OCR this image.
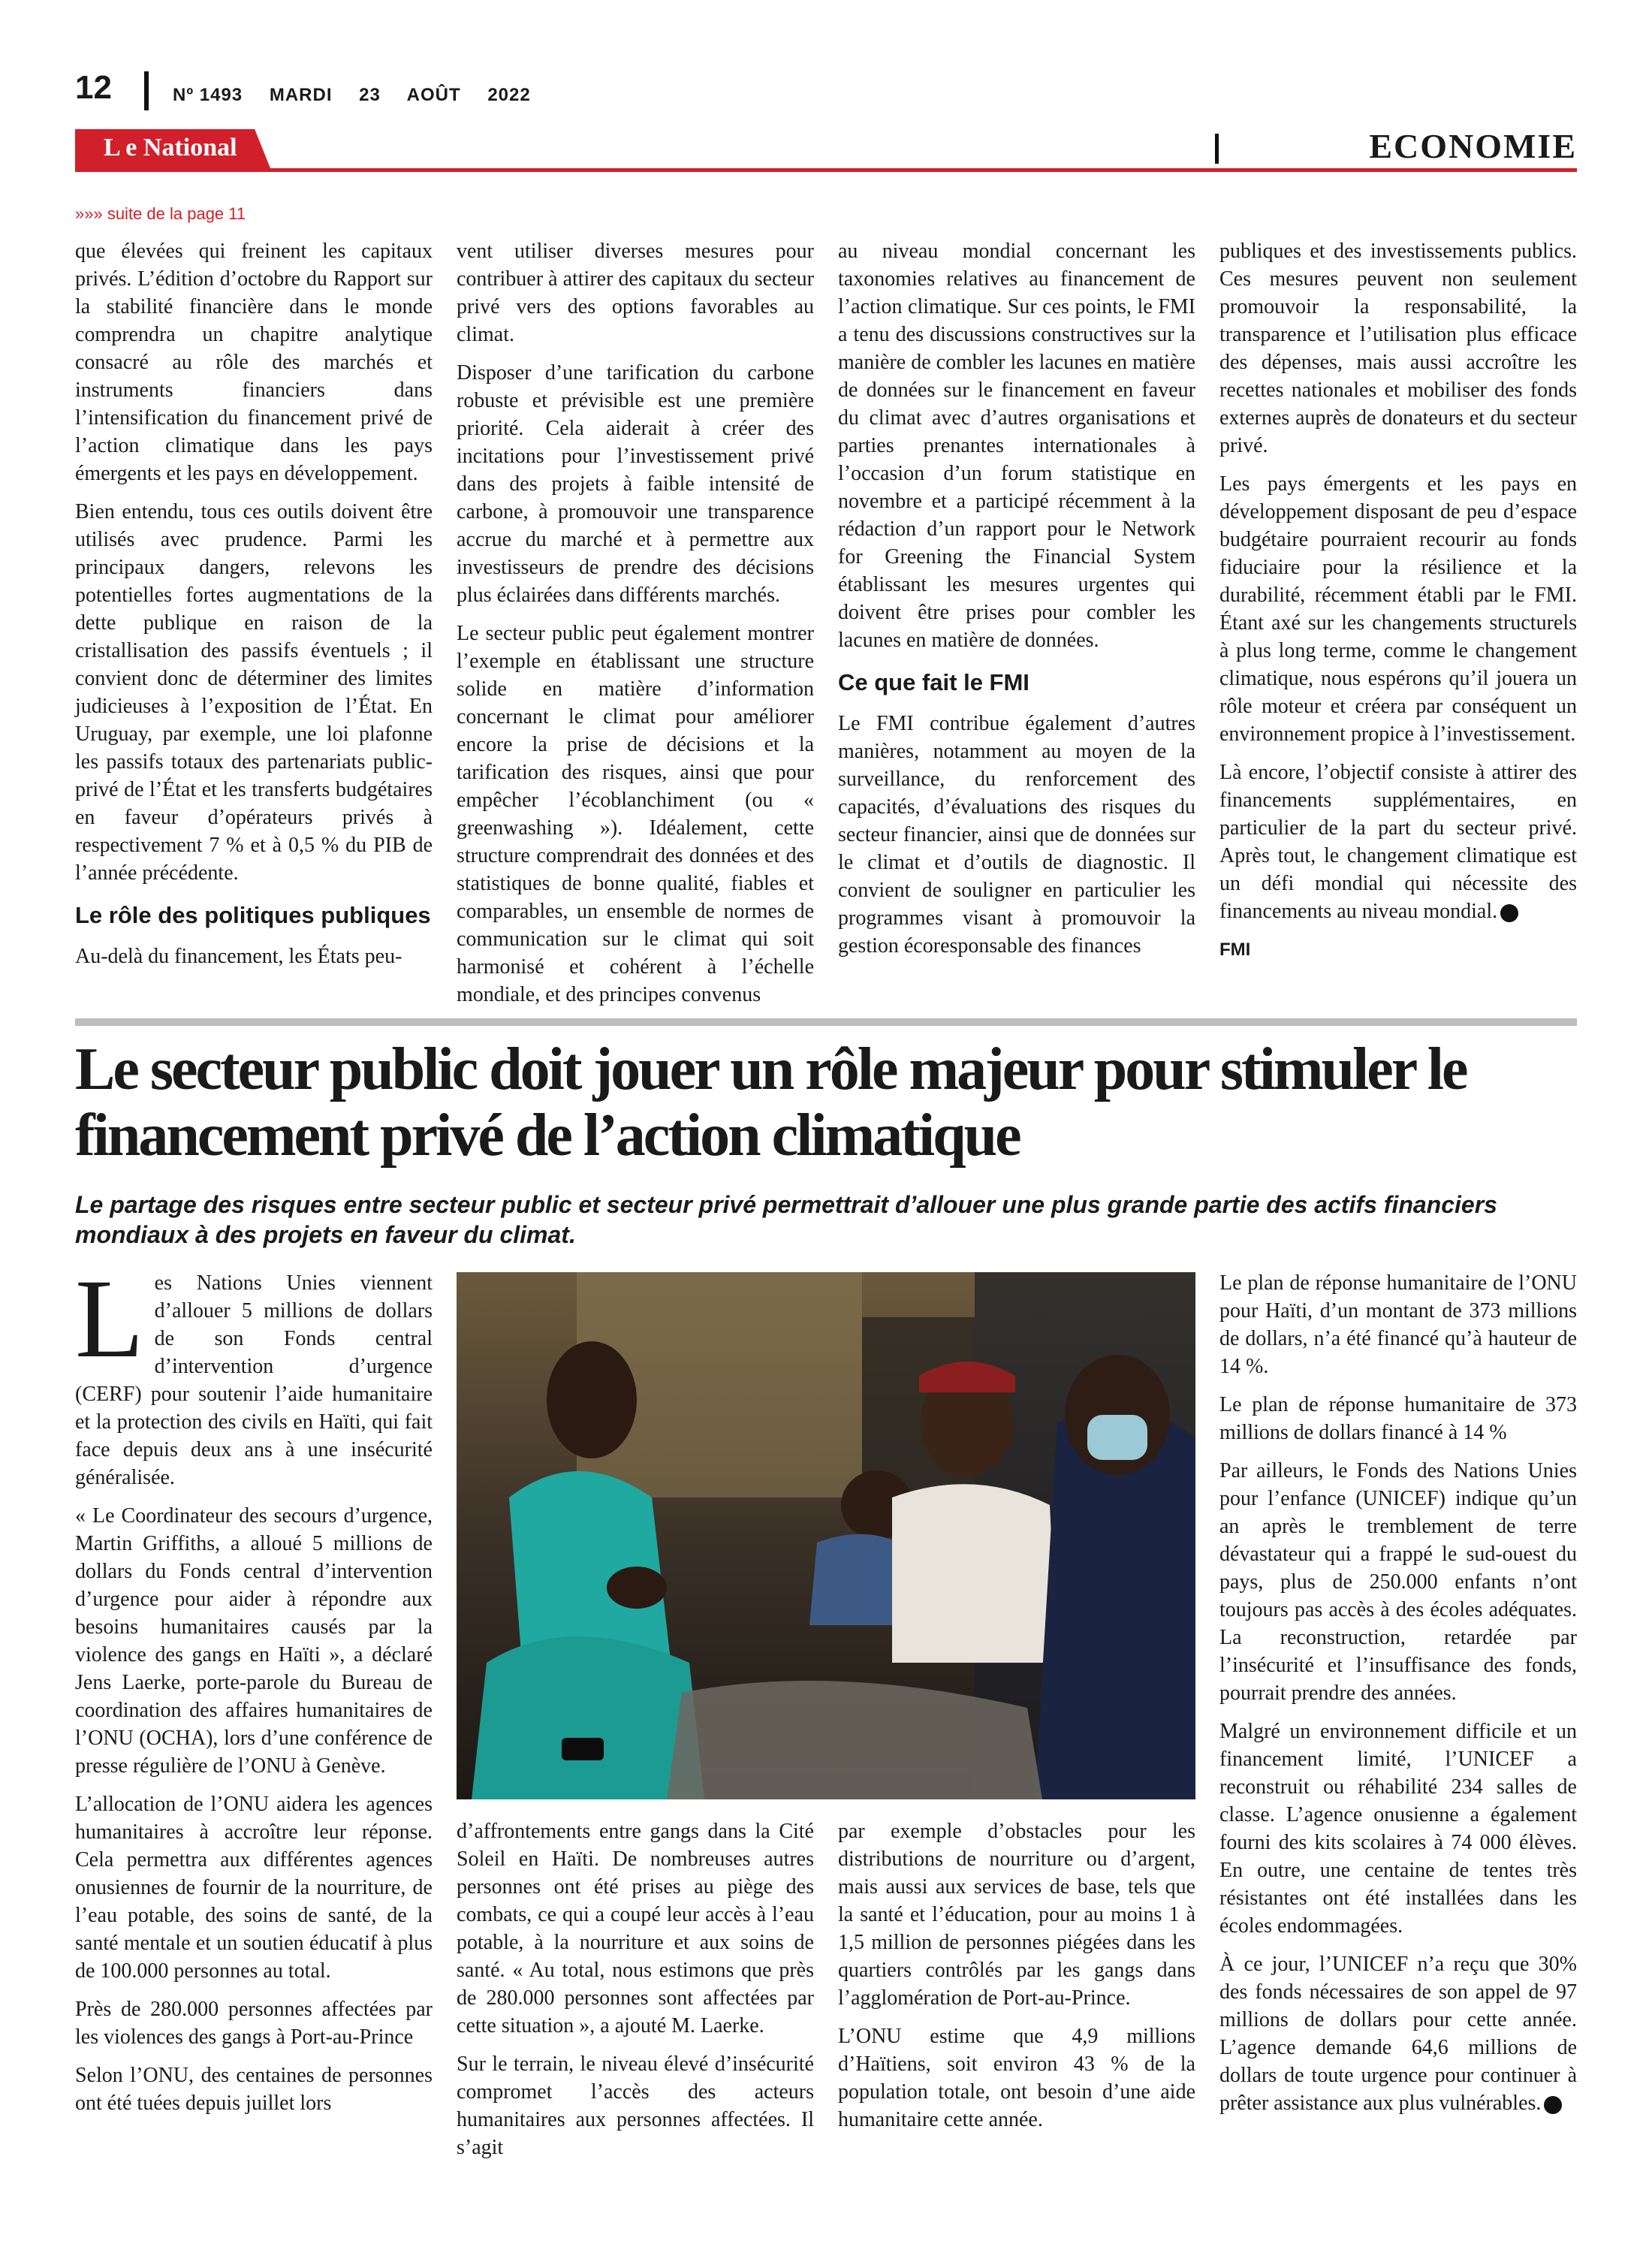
12	Nº 1493 MARDI 23 AOÛT 2022
L e National	ECONOMIE
»»» suite de la page 11

que élevées qui freinent les capitaux privés. L’édition d’octobre du Rapport sur la stabilité financière dans le monde comprendra un chapitre analytique consacré au rôle des marchés et instruments financiers dans l’intensification du financement privé de l’action climatique dans les pays émergents et les pays en développement.

Bien entendu, tous ces outils doivent être utilisés avec prudence. Parmi les principaux dangers, relevons les potentielles fortes augmentations de la dette publique en raison de la cristallisation des passifs éventuels ; il convient donc de déterminer des limites judicieuses à l’exposition de l’État. En Uruguay, par exemple, une loi plafonne les passifs totaux des partenariats public-privé de l’État et les transferts budgétaires en faveur d’opérateurs privés à respectivement 7 % et à 0,5 % du PIB de l’année précédente.

Le rôle des politiques publiques

Au-delà du financement, les États peu-

vent utiliser diverses mesures pour contribuer à attirer des capitaux du secteur privé vers des options favorables au climat.

Disposer d’une tarification du carbone robuste et prévisible est une première priorité. Cela aiderait à créer des incitations pour l’investissement privé dans des projets à faible intensité de carbone, à promouvoir une transparence accrue du marché et à permettre aux investisseurs de prendre des décisions plus éclairées dans différents marchés.

Le secteur public peut également montrer l’exemple en établissant une structure solide en matière d’information concernant le climat pour améliorer encore la prise de décisions et la tarification des risques, ainsi que pour empêcher l’écoblanchiment (ou « greenwashing »). Idéalement, cette structure comprendrait des données et des statistiques de bonne qualité, fiables et comparables, un ensemble de normes de communication sur le climat qui soit harmonisé et cohérent à l’échelle mondiale, et des principes convenus

au niveau mondial concernant les taxonomies relatives au financement de l’action climatique. Sur ces points, le FMI a tenu des discussions constructives sur la manière de combler les lacunes en matière de données sur le financement en faveur du climat avec d’autres organisations et parties prenantes internationales à l’occasion d’un forum statistique en novembre et a participé récemment à la rédaction d’un rapport pour le Network for Greening the Financial System établissant les mesures urgentes qui doivent être prises pour combler les lacunes en matière de données.

Ce que fait le FMI

Le FMI contribue également d’autres manières, notamment au moyen de la surveillance, du renforcement des capacités, d’évaluations des risques du secteur financier, ainsi que de données sur le climat et d’outils de diagnostic. Il convient de souligner en particulier les programmes visant à promouvoir la gestion écoresponsable des finances

publiques et des investissements publics. Ces mesures peuvent non seulement promouvoir la responsabilité, la transparence et l’utilisation plus efficace des dépenses, mais aussi accroître les recettes nationales et mobiliser des fonds externes auprès de donateurs et du secteur privé.

Les pays émergents et les pays en développement disposant de peu d’espace budgétaire pourraient recourir au fonds fiduciaire pour la résilience et la durabilité, récemment établi par le FMI. Étant axé sur les changements structurels à plus long terme, comme le changement climatique, nous espérons qu’il jouera un rôle moteur et créera par conséquent un environnement propice à l’investissement.

Là encore, l’objectif consiste à attirer des financements supplémentaires, en particulier de la part du secteur privé. Après tout, le changement climatique est un défi mondial qui nécessite des financements au niveau mondial.

FMI
Le secteur public doit jouer un rôle majeur pour stimuler le financement privé de l’action climatique
Le partage des risques entre secteur public et secteur privé permettrait d’allouer une plus grande partie des actifs financiers mondiaux à des projets en faveur du climat.

Les Nations Unies viennent d’allouer 5 millions de dollars de son Fonds central d’intervention d’urgence (CERF) pour soutenir l’aide humanitaire et la protection des civils en Haïti, qui fait face depuis deux ans à une insécurité généralisée.

« Le Coordinateur des secours d’urgence, Martin Griffiths, a alloué 5 millions de dollars du Fonds central d’intervention d’urgence pour aider à répondre aux besoins humanitaires causés par la violence des gangs en Haïti », a déclaré Jens Laerke, porte-parole du Bureau de coordination des affaires humanitaires de l’ONU (OCHA), lors d’une conférence de presse régulière de l’ONU à Genève.

L’allocation de l’ONU aidera les agences humanitaires à accroître leur réponse. Cela permettra aux différentes agences onusiennes de fournir de la nourriture, de l’eau potable, des soins de santé, de la santé mentale et un soutien éducatif à plus de 100.000 personnes au total.

Près de 280.000 personnes affectées par les violences des gangs à Port-au-Prince

Selon l’ONU, des centaines de personnes ont été tuées depuis juillet lors

d’affrontements entre gangs dans la Cité Soleil en Haïti. De nombreuses autres personnes ont été prises au piège des combats, ce qui a coupé leur accès à l’eau potable, à la nourriture et aux soins de santé. « Au total, nous estimons que près de 280.000 personnes sont affectées par cette situation », a ajouté M. Laerke.

Sur le terrain, le niveau élevé d’insécurité compromet l’accès des acteurs humanitaires aux personnes affectées. Il s’agit

par exemple d’obstacles pour les distributions de nourriture ou d’argent, mais aussi aux services de base, tels que la santé et l’éducation, pour au moins 1 à 1,5 million de personnes piégées dans les quartiers contrôlés par les gangs dans l’agglomération de Port-au-Prince.

L’ONU estime que 4,9 millions d’Haïtiens, soit environ 43 % de la population totale, ont besoin d’une aide humanitaire cette année.

Le plan de réponse humanitaire de l’ONU pour Haïti, d’un montant de 373 millions de dollars, n’a été financé qu’à hauteur de 14 %.

Le plan de réponse humanitaire de 373 millions de dollars financé à 14 %

Par ailleurs, le Fonds des Nations Unies pour l’enfance (UNICEF) indique qu’un an après le tremblement de terre dévastateur qui a frappé le sud-ouest du pays, plus de 250.000 enfants n’ont toujours pas accès à des écoles adéquates. La reconstruction, retardée par l’insécurité et l’insuffisance des fonds, pourrait prendre des années.

Malgré un environnement difficile et un financement limité, l’UNICEF a reconstruit ou réhabilité 234 salles de classe. L’agence onusienne a également fourni des kits scolaires à 74 000 élèves. En outre, une centaine de tentes très résistantes ont été installées dans les écoles endommagées.

À ce jour, l’UNICEF n’a reçu que 30% des fonds nécessaires de son appel de 97 millions de dollars pour cette année. L’agence demande 64,6 millions de dollars de toute urgence pour continuer à prêter assistance aux plus vulnérables.
